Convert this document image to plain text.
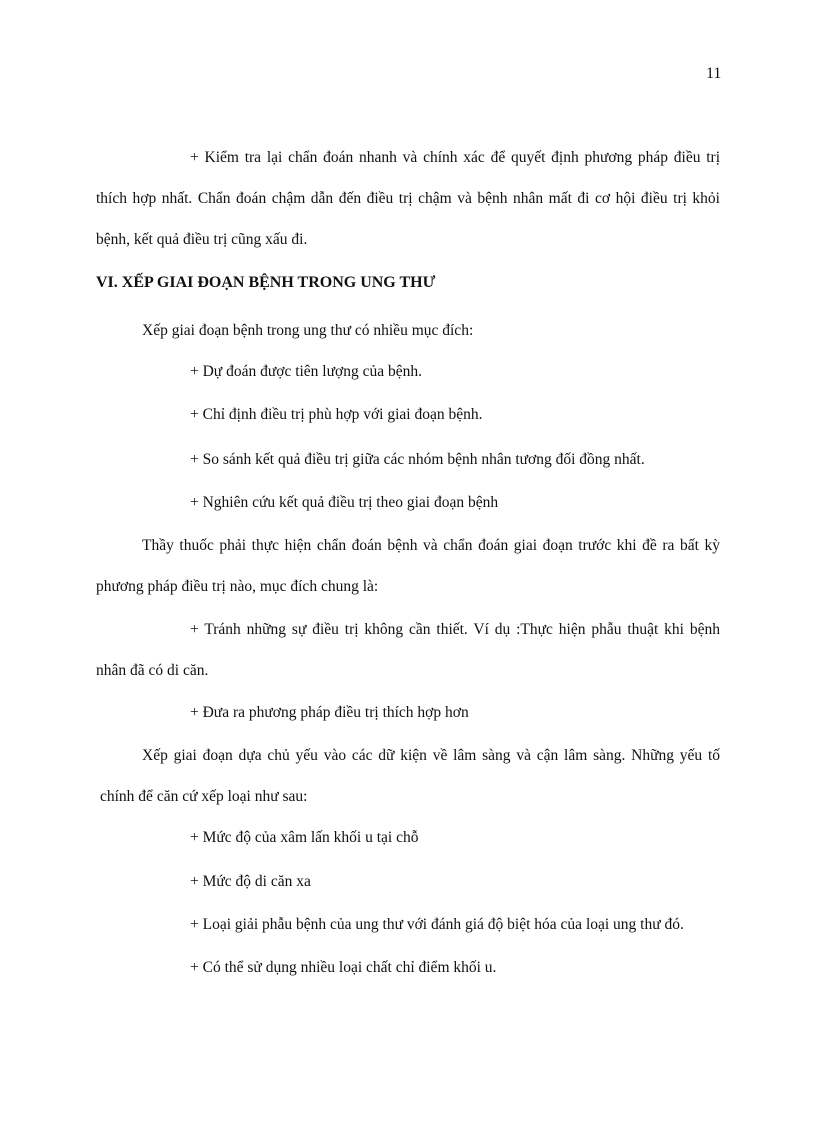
11
+ Kiểm tra lại chẩn đoán nhanh và chính xác để quyết định phương pháp điều trị
thích hợp nhất. Chẩn đoán chậm dẫn đến điều trị chậm và bệnh nhân mất đi cơ hội điều trị khỏi
bệnh, kết quả điều trị cũng xấu đi.
VI. XẾP GIAI ĐOẠN BỆNH TRONG UNG THƯ
Xếp giai đoạn bệnh trong ung thư có nhiều mục đích:
+ Dự đoán được tiên lượng của bệnh.
+ Chỉ định điều trị phù hợp với giai đoạn bệnh.
+ So sánh kết quả điều trị giữa các nhóm bệnh nhân tương đối đồng nhất.
+ Nghiên cứu kết quả điều trị theo giai đoạn bệnh
Thầy thuốc phải thực hiện chẩn đoán bệnh và chẩn đoán giai đoạn trước khi đề ra bất kỳ
phương pháp điều trị nào, mục đích chung là:
+ Tránh những sự điều trị không cần thiết. Ví dụ :Thực hiện phẫu thuật khi bệnh
nhân đã có di căn.
+ Đưa ra phương pháp điều trị thích hợp hơn
Xếp giai đoạn dựa chủ yếu vào các dữ kiện về lâm sàng và cận lâm sàng. Những yếu tố
chính để căn cứ xếp loại như sau:
+ Mức độ của xâm lấn khối u tại chỗ
+ Mức độ di căn xa
+ Loại giải phẫu bệnh của ung thư với đánh giá độ biệt hóa của loại ung thư đó.
+ Có thể sử dụng nhiều loại chất chỉ điểm khối u.
